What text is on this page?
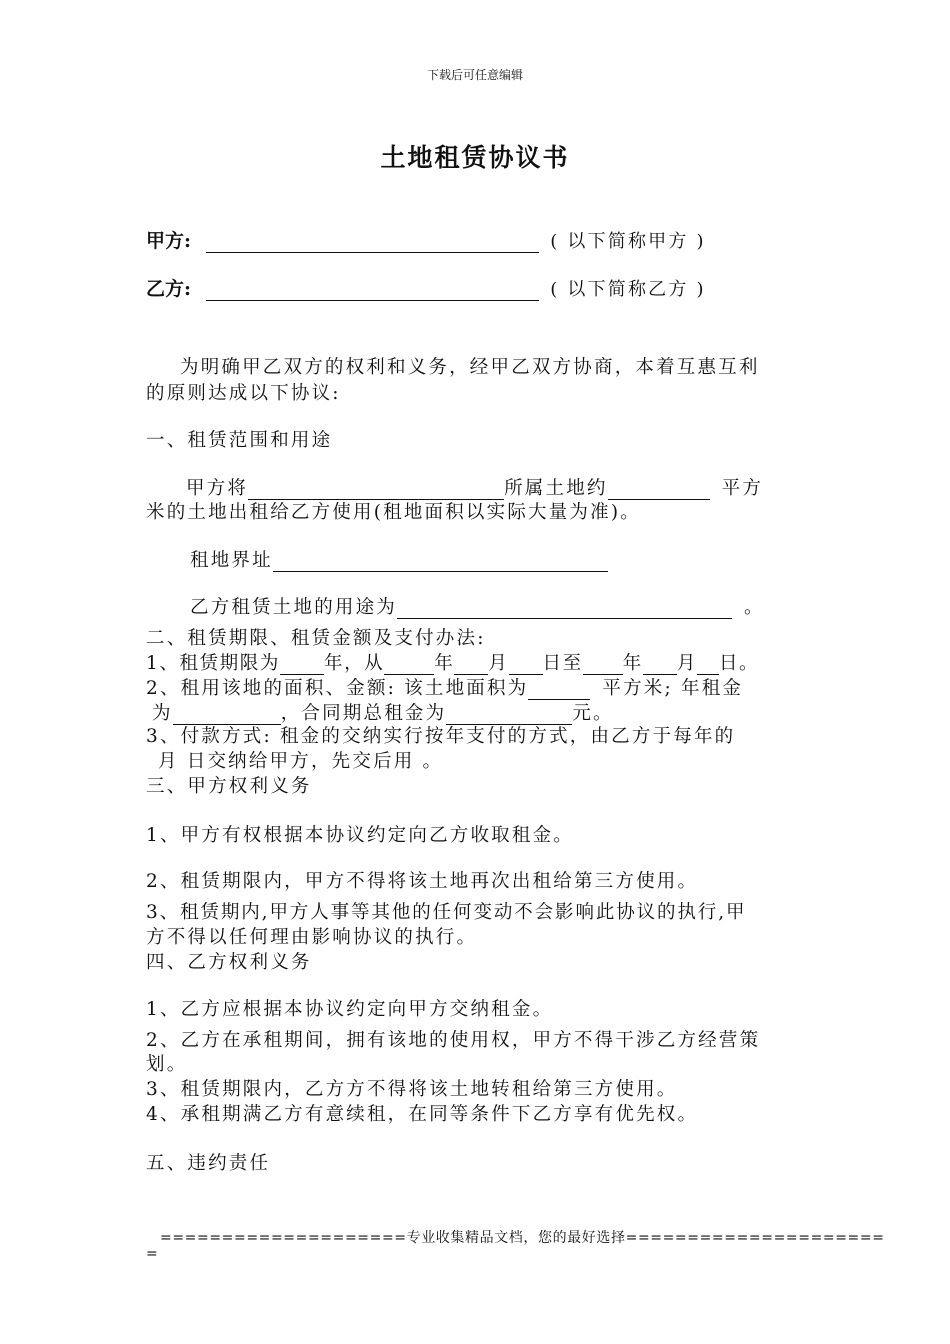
下载后可任意编辑
土地租赁协议书
甲方:	( 以下简称甲方 )
乙方:	( 以下简称乙方 )
为明确甲乙双方的权利和义务，经甲乙双方协商，本着互惠互利
的原则达成以下协议:
一、租赁范围和用途
甲方将	所属土地约	平方
米的土地出租给乙方使用(租地面积以实际大量为准)。
租地界址
乙方租赁土地的用途为	。
二、租赁期限、租赁金额及支付办法:
1、租赁期限为 年，从	年 月 日至 年 月 日。
2、租用该地的面积、金额: 该土地面积为	平方米; 年租金
为	，合同期总租金为	元。
3、付款方式: 租金的交纳实行按年支付的方式，由乙方于每年的
月 日交纳给甲方，先交后用 。
三、甲方权利义务
1、甲方有权根据本协议约定向乙方收取租金。
2、租赁期限内，甲方不得将该土地再次出租给第三方使用。
3、租赁期内,甲方人事等其他的任何变动不会影响此协议的执行,甲
方不得以任何理由影响协议的执行。
四、乙方权利义务
1、乙方应根据本协议约定向甲方交纳租金。
2、乙方在承租期间，拥有该地的使用权，甲方不得干涉乙方经营策
划。
3、租赁期限内，乙方方不得将该土地转租给第三方使用。
4、承租期满乙方有意续租，在同等条件下乙方享有优先权。
五、违约责任
====================专业收集精品文档，您的最好选择=====================
=
